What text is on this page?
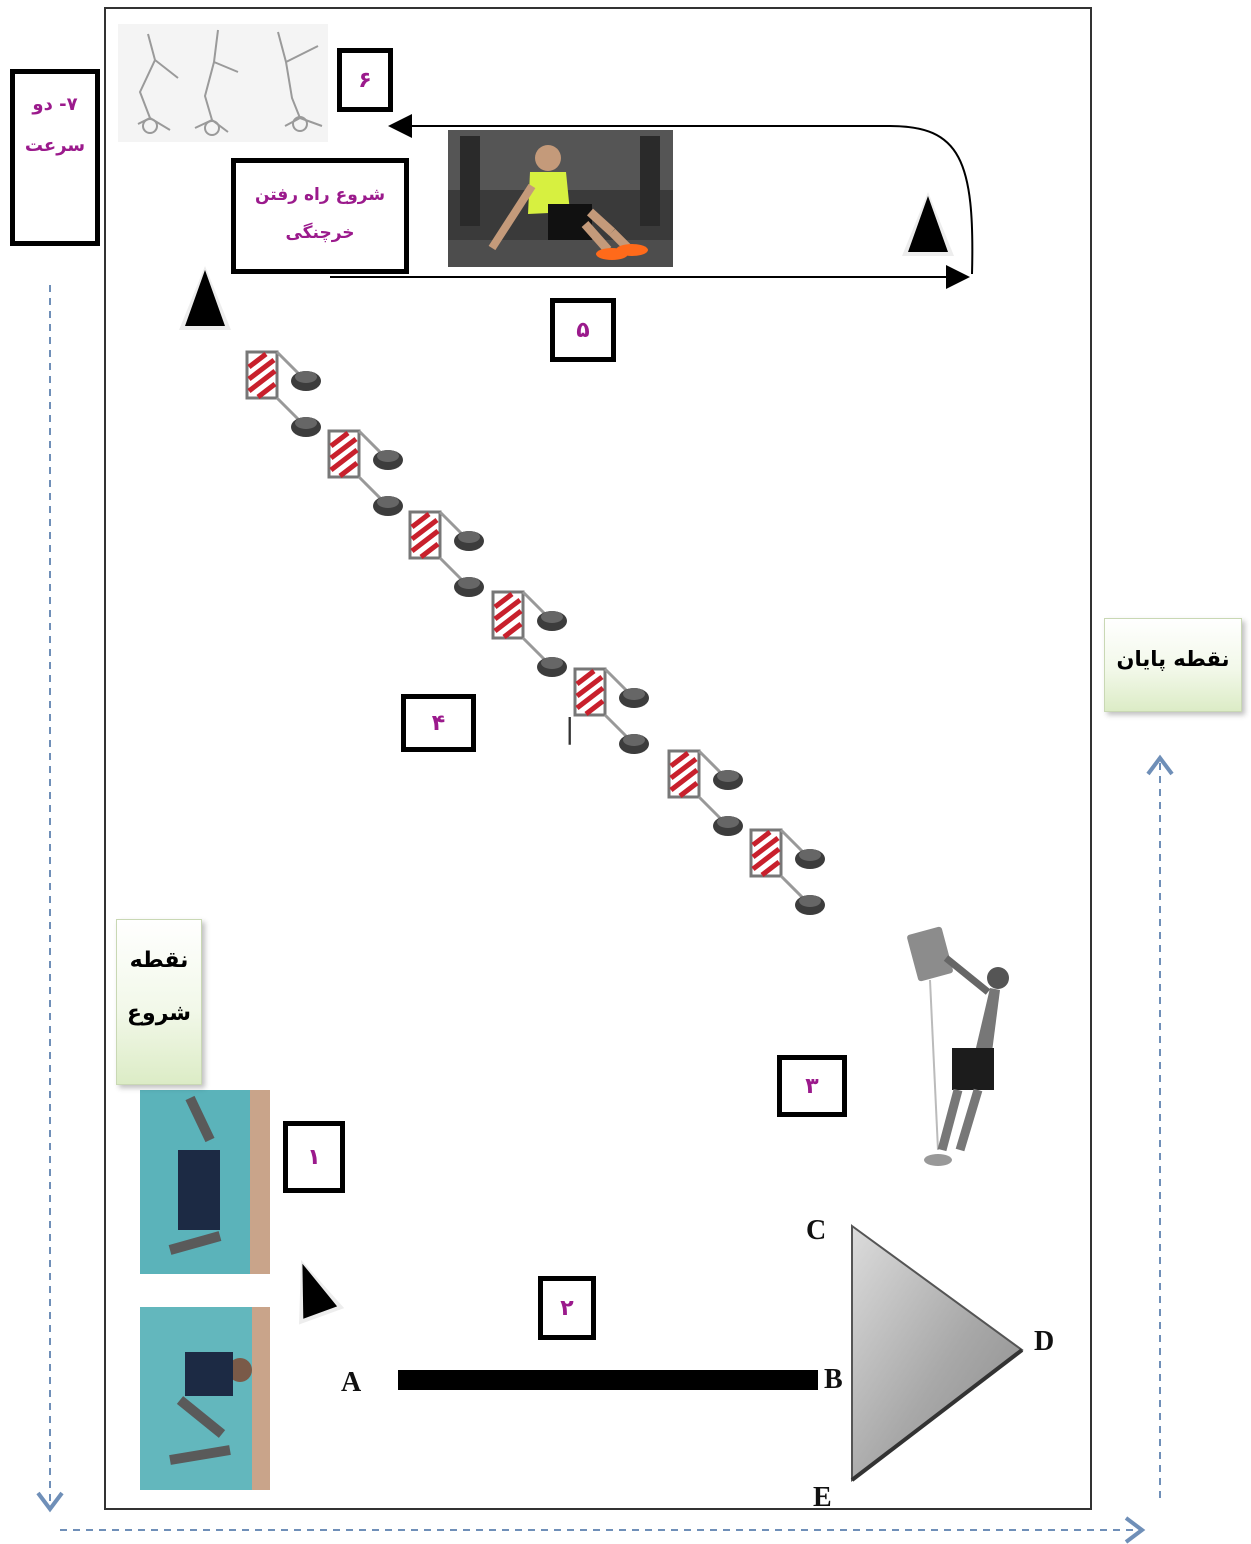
۱
۲
۳
۴
۵
۶
۷- دو
سرعت
شروع راه رفتن
خرچنگی
نقطه
شروع
نقطه پایان
A	B
C
D
E
|
